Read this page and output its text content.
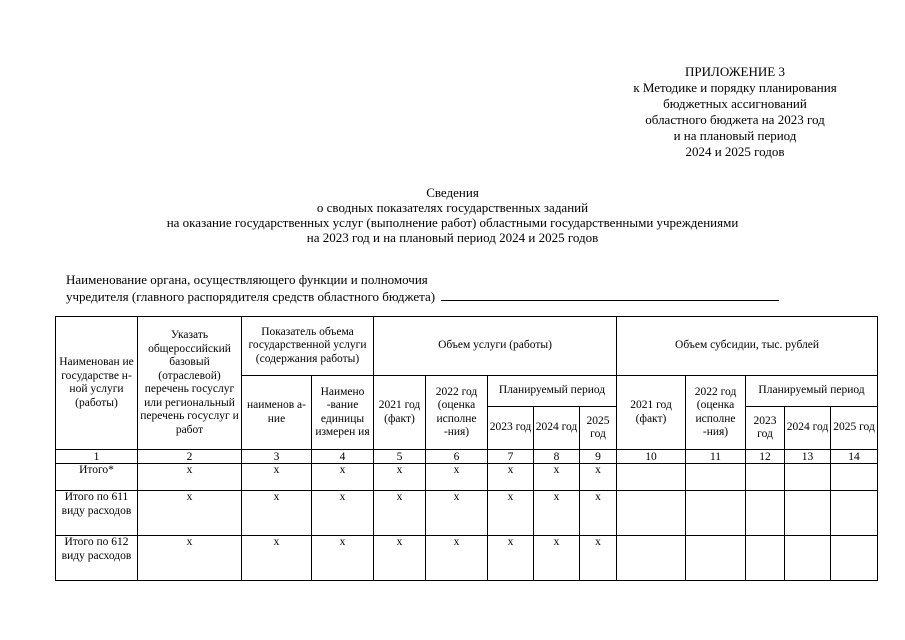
ПРИЛОЖЕНИЕ 3
к Методике и порядку планирования
бюджетных ассигнований
областного бюджета на 2023 год
и на плановый период
2024 и 2025 годов
Сведения
о сводных показателях государственных заданий
на оказание государственных услуг (выполнение работ) областными государственными учреждениями
на 2023 год и на плановый период 2024 и 2025 годов
Наименование органа, осуществляющего функции и полномочия
учредителя (главного распорядителя средств областного бюджета)
Наименован ие государстве н-ной услуги (работы)	Указать общероссийский базовый (отраслевой) перечень госуслуг или региональный перечень госуслуг и работ	Показатель объема государственной услуги (содержания работы)		Объем услуги (работы)					Объем субсидии, тыс. рублей				
		наименов а-ние	Наимено -вание единицы измерен ия	2021 год (факт)	2022 год (оценка исполне -ния)	Планируемый период			2021 год (факт)	2022 год (оценка исполне -ния)	Планируемый период		
						2023 год	2024 год	2025 год			2023 год	2024 год	2025 год
1	2	3	4	5	6	7	8	9	10	11	12	13	14
Итого*	x	x	x	x	x	x	x	x					
Итого по 611 виду расходов	x	x	x	x	x	x	x	x					
Итого по 612 виду расходов	x	x	x	x	x	x	x	x					
